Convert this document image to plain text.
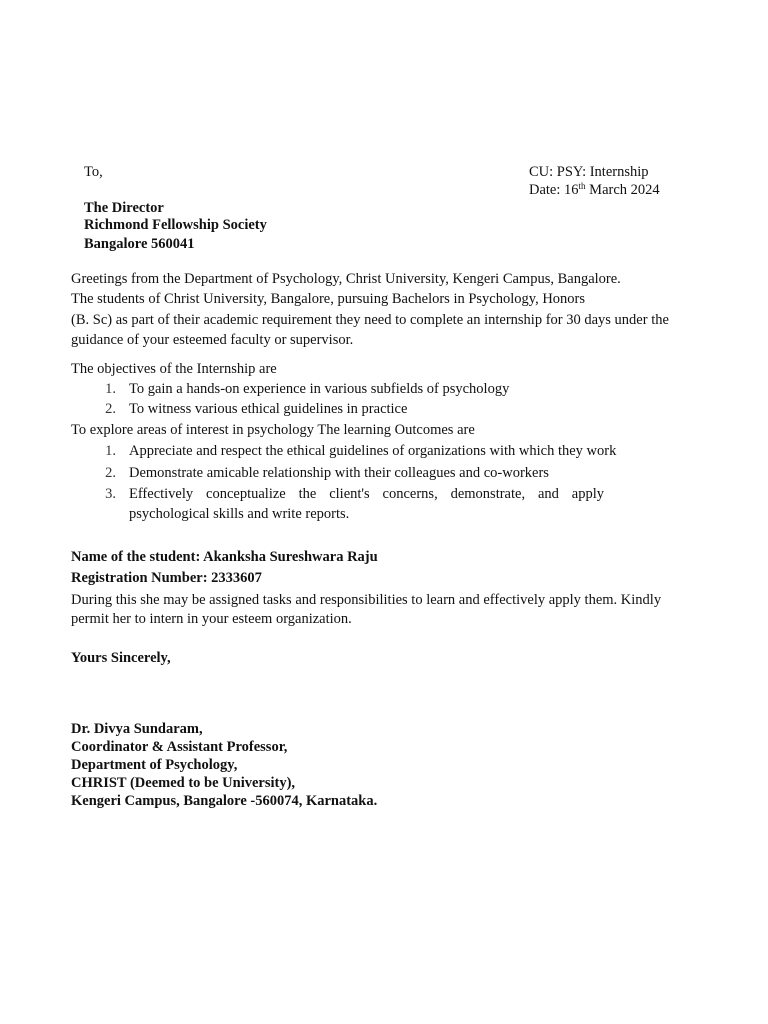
To,	CU: PSY: Internship
Date: 16th March 2024
The Director
Richmond Fellowship Society
Bangalore 560041
Greetings from the Department of Psychology, Christ University, Kengeri Campus, Bangalore.
The students of Christ University, Bangalore, pursuing Bachelors in Psychology, Honors
(B. Sc) as part of their academic requirement they need to complete an internship for 30 days under the
guidance of your esteemed faculty or supervisor.
The objectives of the Internship are
1. To gain a hands-on experience in various subfields of psychology
2. To witness various ethical guidelines in practice
To explore areas of interest in psychology The learning Outcomes are
1. Appreciate and respect the ethical guidelines of organizations with which they work
2. Demonstrate amicable relationship with their colleagues and co-workers
3. Effectively conceptualize the client's concerns, demonstrate, and apply
psychological skills and write reports.
Name of the student: Akanksha Sureshwara Raju
Registration Number: 2333607
During this she may be assigned tasks and responsibilities to learn and effectively apply them. Kindly
permit her to intern in your esteem organization.
Yours Sincerely,
Dr. Divya Sundaram,
Coordinator & Assistant Professor,
Department of Psychology,
CHRIST (Deemed to be University),
Kengeri Campus, Bangalore -560074, Karnataka.
